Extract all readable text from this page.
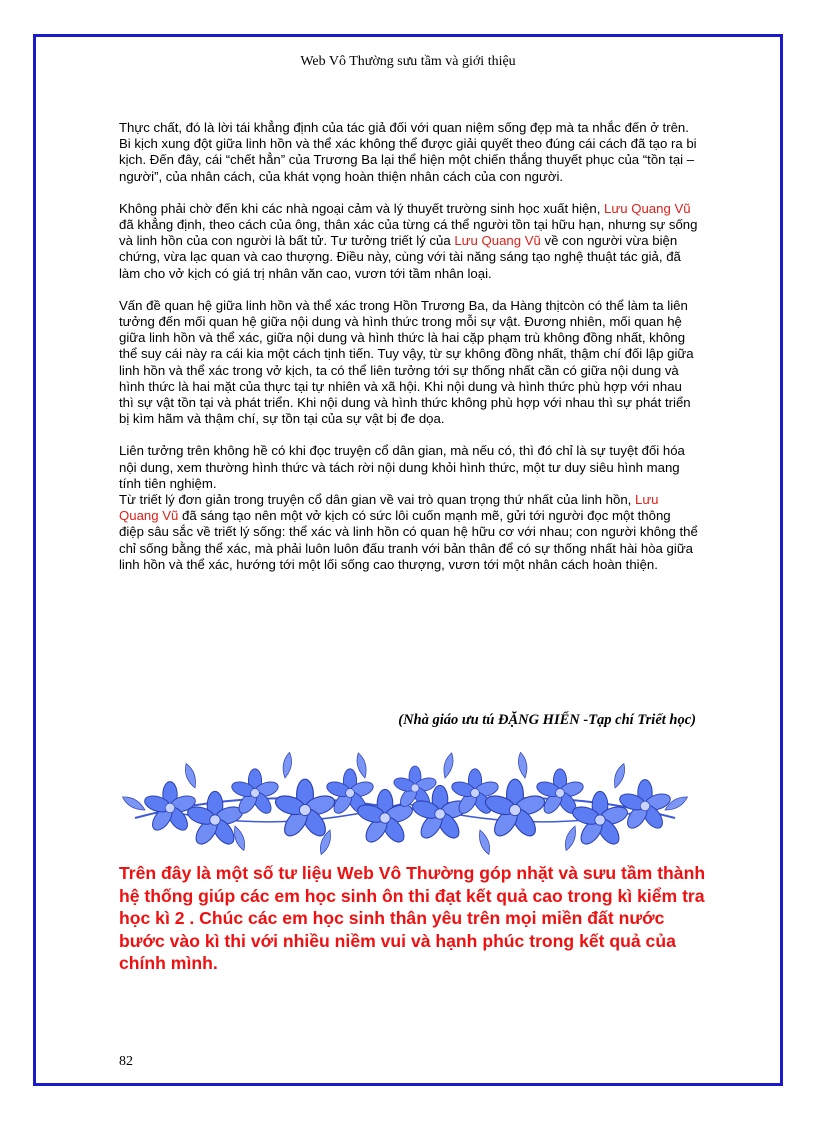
Web Vô Thường sưu tầm và giới thiệu

Thực chất, đó là lời tái khẳng định của tác giả đối với quan niệm sống đẹp mà ta nhắc đến ở trên. Bi kịch xung đột giữa linh hồn và thể xác không thể được giải quyết theo đúng cái cách đã tạo ra bi kịch. Đến đây, cái “chết hẳn” của Trương Ba lại thể hiện một chiến thắng thuyết phục của “tồn tại – người”, của nhân cách, của khát vọng hoàn thiện nhân cách của con người.

Không phải chờ đến khi các nhà ngoại cảm và lý thuyết trường sinh học xuất hiện, Lưu Quang Vũ đã khẳng định, theo cách của ông, thân xác của từng cá thể người tồn tại hữu hạn, nhưng sự sống và linh hồn của con người là bất tử. Tư tưởng triết lý của Lưu Quang Vũ về con người vừa biện chứng, vừa lạc quan và cao thượng. Điều này, cùng với tài năng sáng tạo nghệ thuật tác giả, đã làm cho vở kịch có giá trị nhân văn cao, vươn tới tầm nhân loại.

Vấn đề quan hệ giữa linh hồn và thể xác trong Hồn Trương Ba, da Hàng thịtcòn có thể làm ta liên tưởng đến mối quan hệ giữa nội dung và hình thức trong mỗi sự vật. Đương nhiên, mối quan hệ giữa linh hồn và thể xác, giữa nội dung và hình thức là hai cặp phạm trù không đồng nhất, không thể suy cái này ra cái kia một cách tịnh tiến. Tuy vậy, từ sự không đồng nhất, thậm chí đối lập giữa linh hồn và thể xác trong vở kịch, ta có thể liên tưởng tới sự thống nhất cần có giữa nội dung và hình thức là hai mặt của thực tại tự nhiên và xã hội. Khi nội dung và hình thức phù hợp với nhau thì sự vật tồn tại và phát triển. Khi nội dung và hình thức không phù hợp với nhau thì sự phát triển bị kìm hãm và thậm chí, sự tồn tại của sự vật bị đe dọa.

Liên tưởng trên không hề có khi đọc truyện cổ dân gian, mà nếu có, thì đó chỉ là sự tuyệt đối hóa nội dung, xem thường hình thức và tách rời nội dung khỏi hình thức, một tư duy siêu hình mang tính tiên nghiệm.

Từ triết lý đơn giản trong truyện cổ dân gian về vai trò quan trọng thứ nhất của linh hồn, Lưu Quang Vũ đã sáng tạo nên một vở kịch có sức lôi cuốn mạnh mẽ, gửi tới người đọc một thông điệp sâu sắc về triết lý sống: thể xác và linh hồn có quan hệ hữu cơ với nhau; con người không thể chỉ sống bằng thể xác, mà phải luôn luôn đấu tranh với bản thân để có sự thống nhất hài hòa giữa linh hồn và thể xác, hướng tới một lối sống cao thượng, vươn tới một nhân cách hoàn thiện.

(Nhà giáo ưu tú ĐẶNG HIỂN -Tạp chí Triết học)
Trên đây là một số tư liệu Web Vô Thường góp nhặt và sưu tầm thành hệ thống giúp các em học sinh ôn thi đạt kết quả cao trong kì kiểm tra học kì 2 . Chúc các em học sinh thân yêu trên mọi miền đất nước bước vào kì thi với nhiều niềm vui và hạnh phúc trong kết quả của chính mình.
82
